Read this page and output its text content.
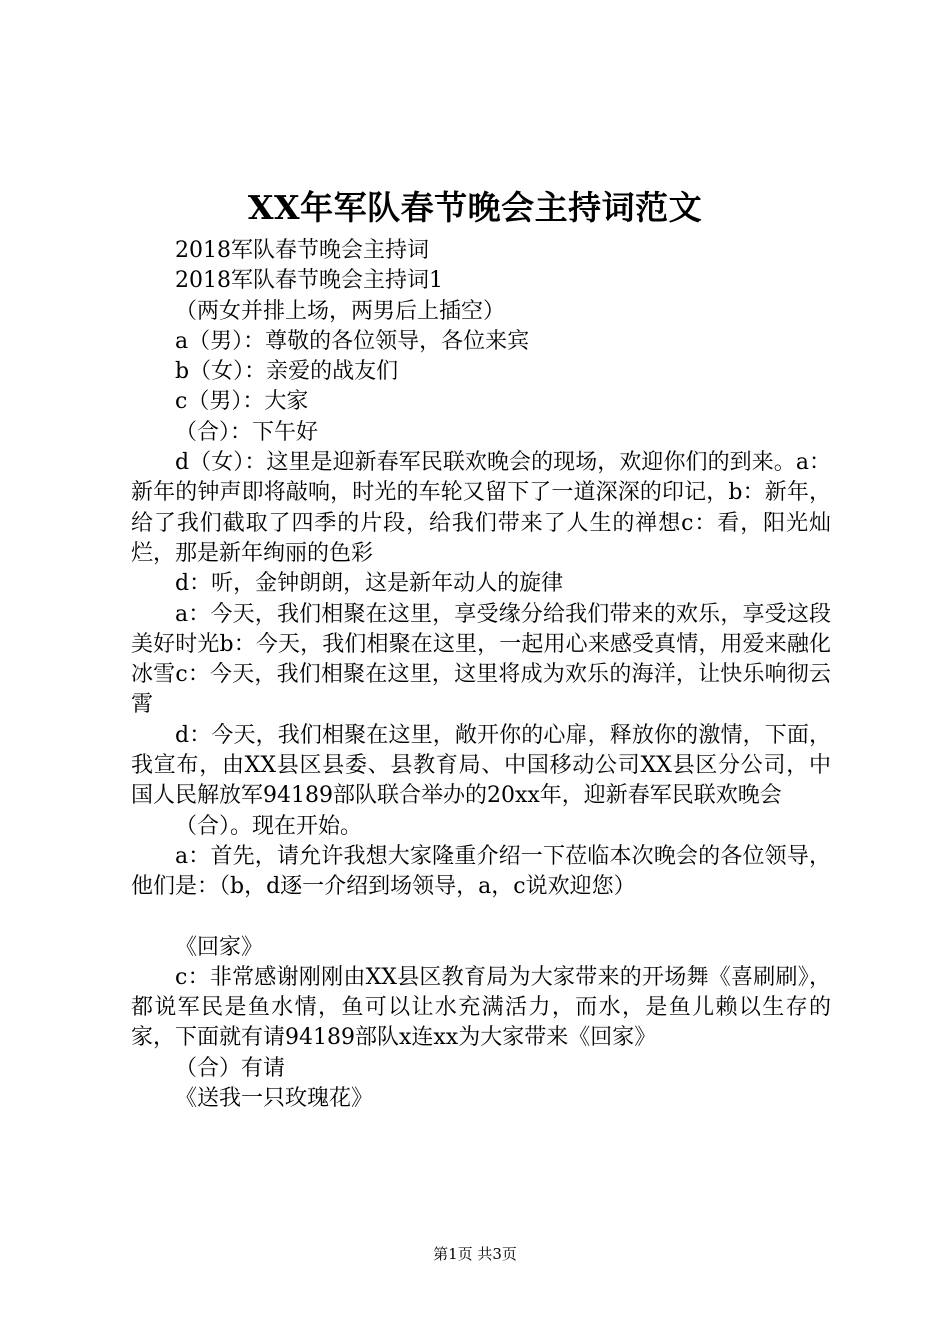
XX年军队春节晚会主持词范文

2018军队春节晚会主持词

2018军队春节晚会主持词1

（两女并排上场，两男后上插空）

a（男）：尊敬的各位领导，各位来宾

b（女）：亲爱的战友们

c（男）：大家

（合）：下午好

d（女）：这里是迎新春军民联欢晚会的现场，欢迎你们的到来。a：新年的钟声即将敲响，时光的车轮又留下了一道深深的印记，b：新年，给了我们截取了四季的片段，给我们带来了人生的禅想c：看，阳光灿烂，那是新年绚丽的色彩

d：听，金钟朗朗，这是新年动人的旋律

a：今天，我们相聚在这里，享受缘分给我们带来的欢乐，享受这段美好时光b：今天，我们相聚在这里，一起用心来感受真情，用爱来融化冰雪c：今天，我们相聚在这里，这里将成为欢乐的海洋，让快乐响彻云霄

d：今天，我们相聚在这里，敞开你的心扉，释放你的激情，下面，我宣布，由XX县区县委、县教育局、中国移动公司XX县区分公司，中国人民解放军94189部队联合举办的20xx年，迎新春军民联欢晚会

（合）。现在开始。

a：首先，请允许我想大家隆重介绍一下莅临本次晚会的各位领导，他们是：（b，d逐一介绍到场领导，a，c说欢迎您）

《回家》

c：非常感谢刚刚由XX县区教育局为大家带来的开场舞《喜刷刷》，都说军民是鱼水情，鱼可以让水充满活力，而水，是鱼儿赖以生存的家，下面就有请94189部队x连xx为大家带来《回家》

（合）有请

《送我一只玫瑰花》

第1页 共3页
